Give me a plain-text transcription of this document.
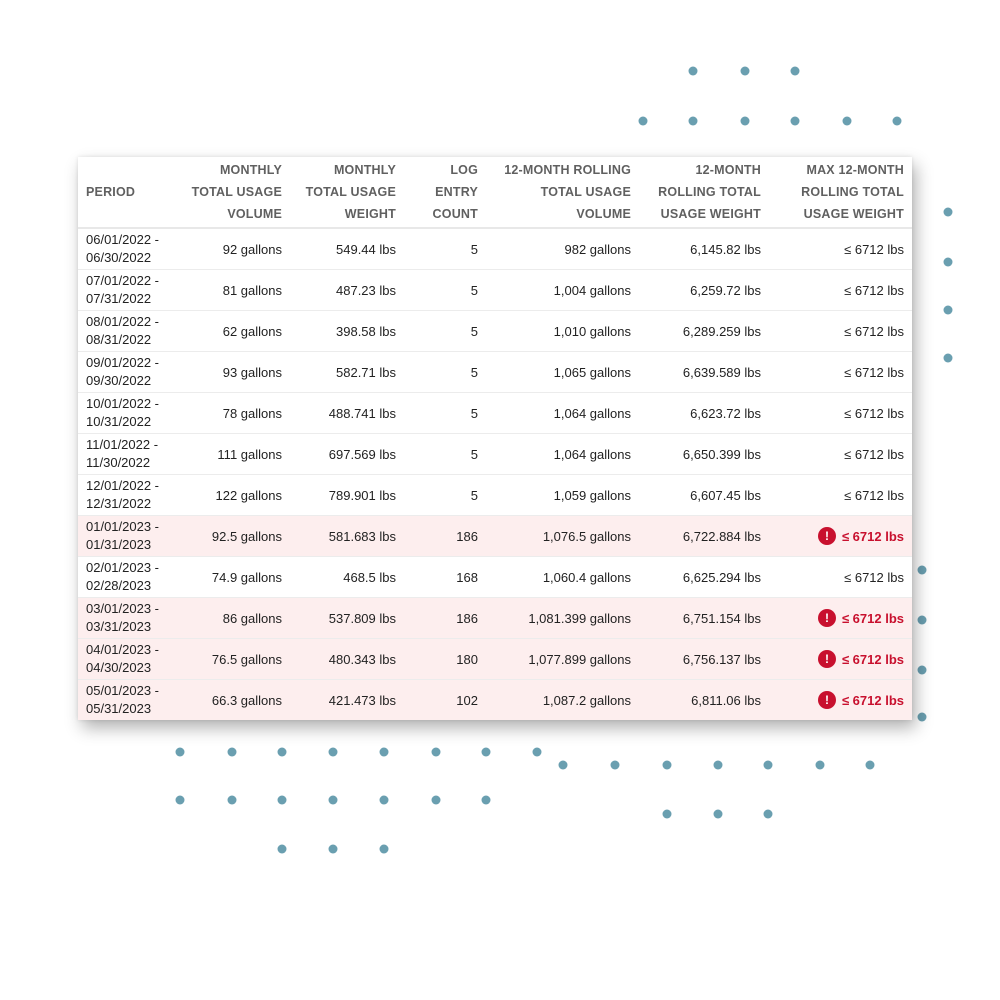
PERIOD	MONTHLY TOTAL USAGE VOLUME	MONTHLY TOTAL USAGE WEIGHT	LOG ENTRY COUNT	12-MONTH ROLLING TOTAL USAGE VOLUME	12-MONTH ROLLING TOTAL USAGE WEIGHT	MAX 12-MONTH ROLLING TOTAL USAGE WEIGHT
06/01/2022 - 06/30/2022	92 gallons	549.44 lbs	5	982 gallons	6,145.82 lbs	≤ 6712 lbs

07/01/2022 - 07/31/2022	81 gallons	487.23 lbs	5	1,004 gallons	6,259.72 lbs	≤ 6712 lbs

08/01/2022 - 08/31/2022	62 gallons	398.58 lbs	5	1,010 gallons	6,289.259 lbs	≤ 6712 lbs

09/01/2022 - 09/30/2022	93 gallons	582.71 lbs	5	1,065 gallons	6,639.589 lbs	≤ 6712 lbs

10/01/2022 - 10/31/2022	78 gallons	488.741 lbs	5	1,064 gallons	6,623.72 lbs	≤ 6712 lbs

11/01/2022 - 11/30/2022	111 gallons	697.569 lbs	5	1,064 gallons	6,650.399 lbs	≤ 6712 lbs

12/01/2022 - 12/31/2022	122 gallons	789.901 lbs	5	1,059 gallons	6,607.45 lbs	≤ 6712 lbs

01/01/2023 - 01/31/2023	92.5 gallons	581.683 lbs	186	1,076.5 gallons	6,722.884 lbs	! ≤ 6712 lbs

02/01/2023 - 02/28/2023	74.9 gallons	468.5 lbs	168	1,060.4 gallons	6,625.294 lbs	≤ 6712 lbs

03/01/2023 - 03/31/2023	86 gallons	537.809 lbs	186	1,081.399 gallons	6,751.154 lbs	! ≤ 6712 lbs

04/01/2023 - 04/30/2023	76.5 gallons	480.343 lbs	180	1,077.899 gallons	6,756.137 lbs	! ≤ 6712 lbs

05/01/2023 - 05/31/2023	66.3 gallons	421.473 lbs	102	1,087.2 gallons	6,811.06 lbs	! ≤ 6712 lbs
